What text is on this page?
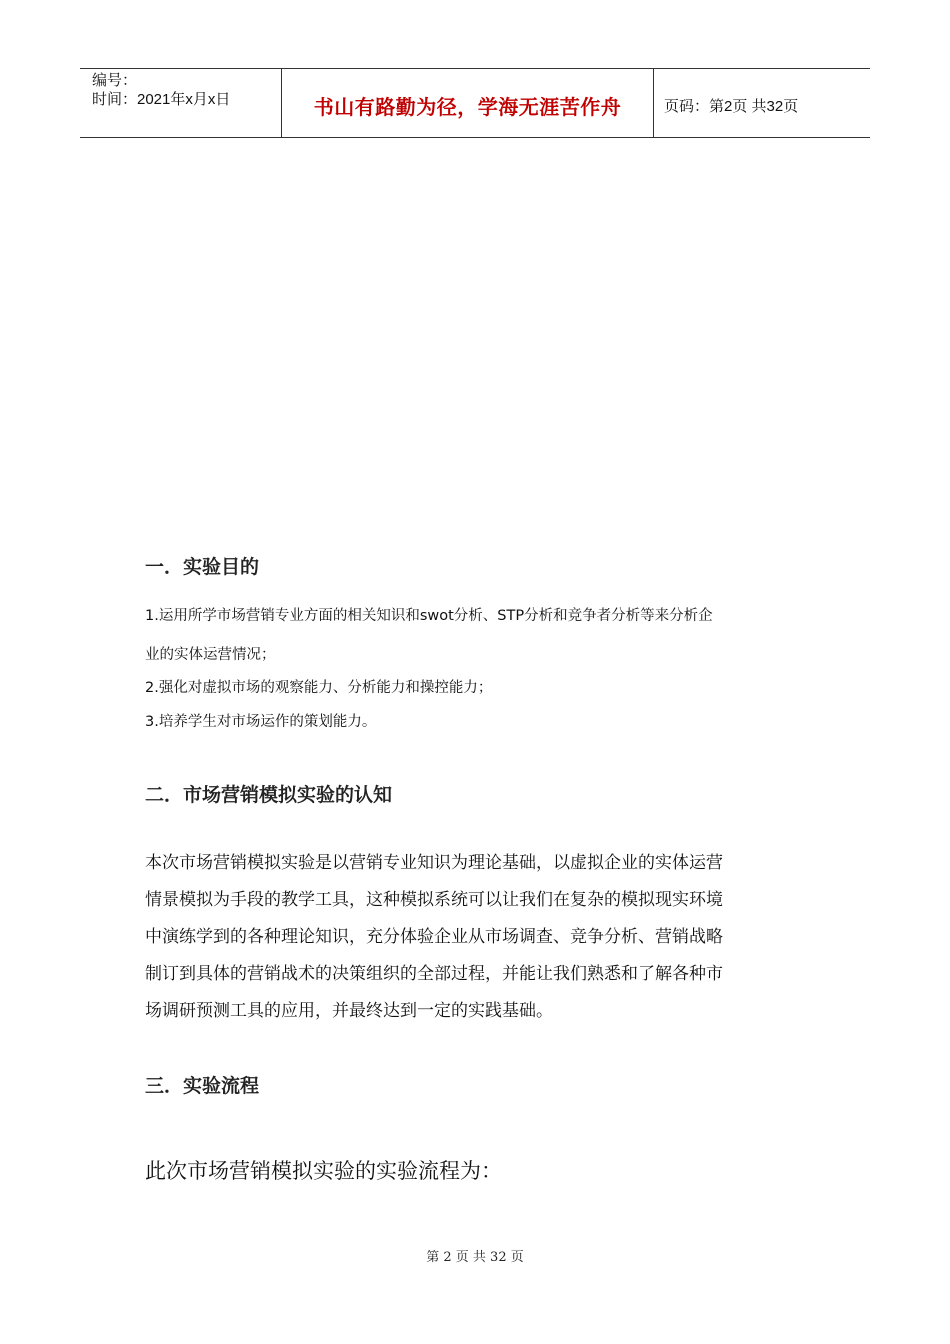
编号：
时间：2021年x月x日	书山有路勤为径，学海无涯苦作舟	页码：第2页 共32页
一．实验目的
1.运用所学市场营销专业方面的相关知识和swot分析、STP分析和竞争者分析等来分析企
业的实体运营情况；
2.强化对虚拟市场的观察能力、分析能力和操控能力；
3.培养学生对市场运作的策划能力。
二．市场营销模拟实验的认知
本次市场营销模拟实验是以营销专业知识为理论基础，以虚拟企业的实体运营
情景模拟为手段的教学工具，这种模拟系统可以让我们在复杂的模拟现实环境
中演练学到的各种理论知识，充分体验企业从市场调查、竞争分析、营销战略
制订到具体的营销战术的决策组织的全部过程，并能让我们熟悉和了解各种市
场调研预测工具的应用，并最终达到一定的实践基础。
三．实验流程
此次市场营销模拟实验的实验流程为：
第 2 页 共 32 页
